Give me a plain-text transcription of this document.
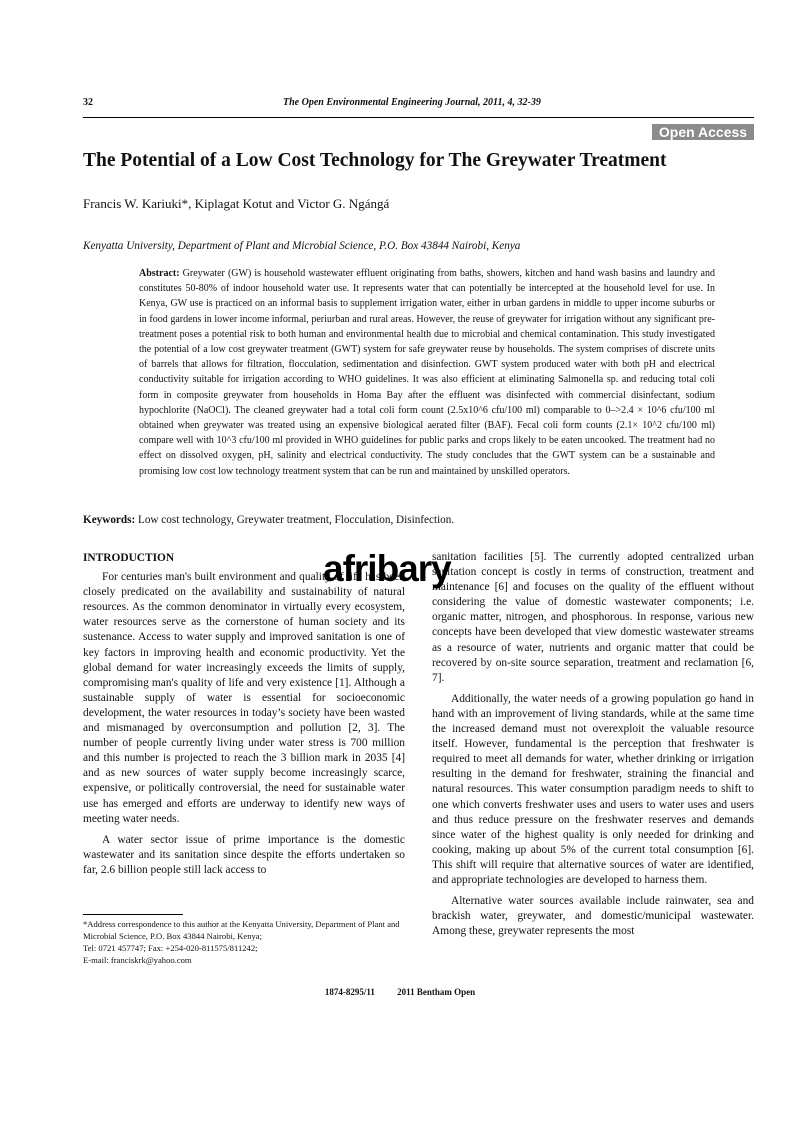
32	The Open Environmental Engineering Journal, 2011, 4, 32-39
Open Access
The Potential of a Low Cost Technology for The Greywater Treatment
Francis W. Kariuki*, Kiplagat Kotut and Victor G. Ngángá
Kenyatta University, Department of Plant and Microbial Science, P.O. Box 43844 Nairobi, Kenya
Abstract: Greywater (GW) is household wastewater effluent originating from baths, showers, kitchen and hand wash basins and laundry and constitutes 50-80% of indoor household water use. It represents water that can potentially be intercepted at the household level for use. In Kenya, GW use is practiced on an informal basis to supplement irrigation water, either in urban gardens in middle to upper income suburbs or in food gardens in lower income informal, periurban and rural areas. However, the reuse of greywater for irrigation without any significant pre-treatment poses a potential risk to both human and environmental health due to microbial and chemical contamination. This study investigated the potential of a low cost greywater treatment (GWT) system for safe greywater reuse by households. The system comprises of discrete units of barrels that allows for filtration, flocculation, sedimentation and disinfection. GWT system produced water with both pH and electrical conductivity suitable for irrigation according to WHO guidelines. It was also efficient at eliminating Salmonella sp. and reducing total coli form in composite greywater from households in Homa Bay after the effluent was disinfected with commercial disinfectant, sodium hypochlorite (NaOCl). The cleaned greywater had a total coli form count (2.5x10^6 cfu/100 ml) comparable to 0–>2.4 × 10^6 cfu/100 ml obtained when greywater was treated using an expensive biological aerated filter (BAF). Fecal coli form counts (2.1× 10^2 cfu/100 ml) compare well with 10^3 cfu/100 ml provided in WHO guidelines for public parks and crops likely to be eaten uncooked. The treatment had no effect on dissolved oxygen, pH, salinity and electrical conductivity. The study concludes that the GWT system can be a sustainable and promising low cost low technology treatment system that can be run and maintained by unskilled operators.
Keywords: Low cost technology, Greywater treatment, Flocculation, Disinfection.
INTRODUCTION

For centuries man's built environment and quality of life has been closely predicated on the availability and sustainability of natural resources. As the common denominator in virtually every ecosystem, water resources serve as the cornerstone of human society and its sustenance. Access to water supply and improved sanitation is one of key factors in improving health and economic productivity. Yet the global demand for water increasingly exceeds the limits of supply, compromising man's quality of life and very existence [1]. Although a sustainable supply of water is essential for socioeconomic development, the water resources in today’s society have been wasted and mismanaged by overconsumption and pollution [2, 3]. The number of people currently living under water stress is 700 million and this number is projected to reach the 3 billion mark in 2035 [4] and as new sources of water supply become increasingly scarce, expensive, or politically controversial, the need for sustainable water use has emerged and efforts are underway to identify new ways of meeting water needs.

A water sector issue of prime importance is the domestic wastewater and its sanitation since despite the efforts undertaken so far, 2.6 billion people still lack access to

sanitation facilities [5]. The currently adopted centralized urban sanitation concept is costly in terms of construction, treatment and maintenance [6] and focuses on the quality of the effluent without considering the value of domestic wastewater components; i.e. organic matter, nitrogen, and phosphorous. In response, various new concepts have been developed that view domestic wastewater streams as a resource of water, nutrients and organic matter that could be recovered by on-site source separation, treatment and reclamation [6, 7].

Additionally, the water needs of a growing population go hand in hand with an improvement of living standards, while at the same time the increased demand must not overexploit the valuable resource itself. However, fundamental is the perception that freshwater is required to meet all demands for water, whether drinking or irrigation resulting in the demand for freshwater, straining the financial and natural resources. This water consumption paradigm needs to shift to one which converts freshwater uses and users to water uses and users and thus reduce pressure on the freshwater reserves and demands since water of the highest quality is only needed for drinking and cooking, making up about 5% of the current total consumption [6]. This shift will require that alternative sources of water are identified, and appropriate technologies are developed to harness them.

Alternative water sources available include rainwater, sea and brackish water, greywater, and domestic/municipal wastewater. Among these, greywater represents the most

*Address correspondence to this author at the Kenyatta University, Department of Plant and Microbial Science, P.O. Box 43844 Nairobi, Kenya;
Tel: 0721 457747; Fax: +254-020-811575/811242;
E-mail: franciskrk@yahoo.com
1874-8295/11 2011 Bentham Open
afribary
